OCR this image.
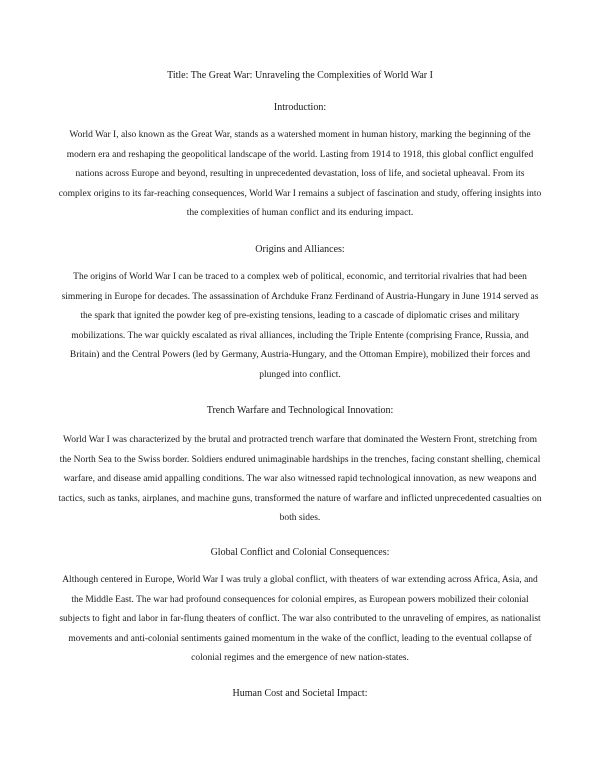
Title: The Great War: Unraveling the Complexities of World War I
Introduction:

World War I, also known as the Great War, stands as a watershed moment in human history, marking the beginning of the modern era and reshaping the geopolitical landscape of the world. Lasting from 1914 to 1918, this global conflict engulfed nations across Europe and beyond, resulting in unprecedented devastation, loss of life, and societal upheaval. From its complex origins to its far-reaching consequences, World War I remains a subject of fascination and study, offering insights into the complexities of human conflict and its enduring impact.

Origins and Alliances:

The origins of World War I can be traced to a complex web of political, economic, and territorial rivalries that had been simmering in Europe for decades. The assassination of Archduke Franz Ferdinand of Austria-Hungary in June 1914 served as the spark that ignited the powder keg of pre-existing tensions, leading to a cascade of diplomatic crises and military mobilizations. The war quickly escalated as rival alliances, including the Triple Entente (comprising France, Russia, and Britain) and the Central Powers (led by Germany, Austria-Hungary, and the Ottoman Empire), mobilized their forces and plunged into conflict.

Trench Warfare and Technological Innovation:

World War I was characterized by the brutal and protracted trench warfare that dominated the Western Front, stretching from the North Sea to the Swiss border. Soldiers endured unimaginable hardships in the trenches, facing constant shelling, chemical warfare, and disease amid appalling conditions. The war also witnessed rapid technological innovation, as new weapons and tactics, such as tanks, airplanes, and machine guns, transformed the nature of warfare and inflicted unprecedented casualties on both sides.

Global Conflict and Colonial Consequences:

Although centered in Europe, World War I was truly a global conflict, with theaters of war extending across Africa, Asia, and the Middle East. The war had profound consequences for colonial empires, as European powers mobilized their colonial subjects to fight and labor in far-flung theaters of conflict. The war also contributed to the unraveling of empires, as nationalist movements and anti-colonial sentiments gained momentum in the wake of the conflict, leading to the eventual collapse of colonial regimes and the emergence of new nation-states.

Human Cost and Societal Impact:
